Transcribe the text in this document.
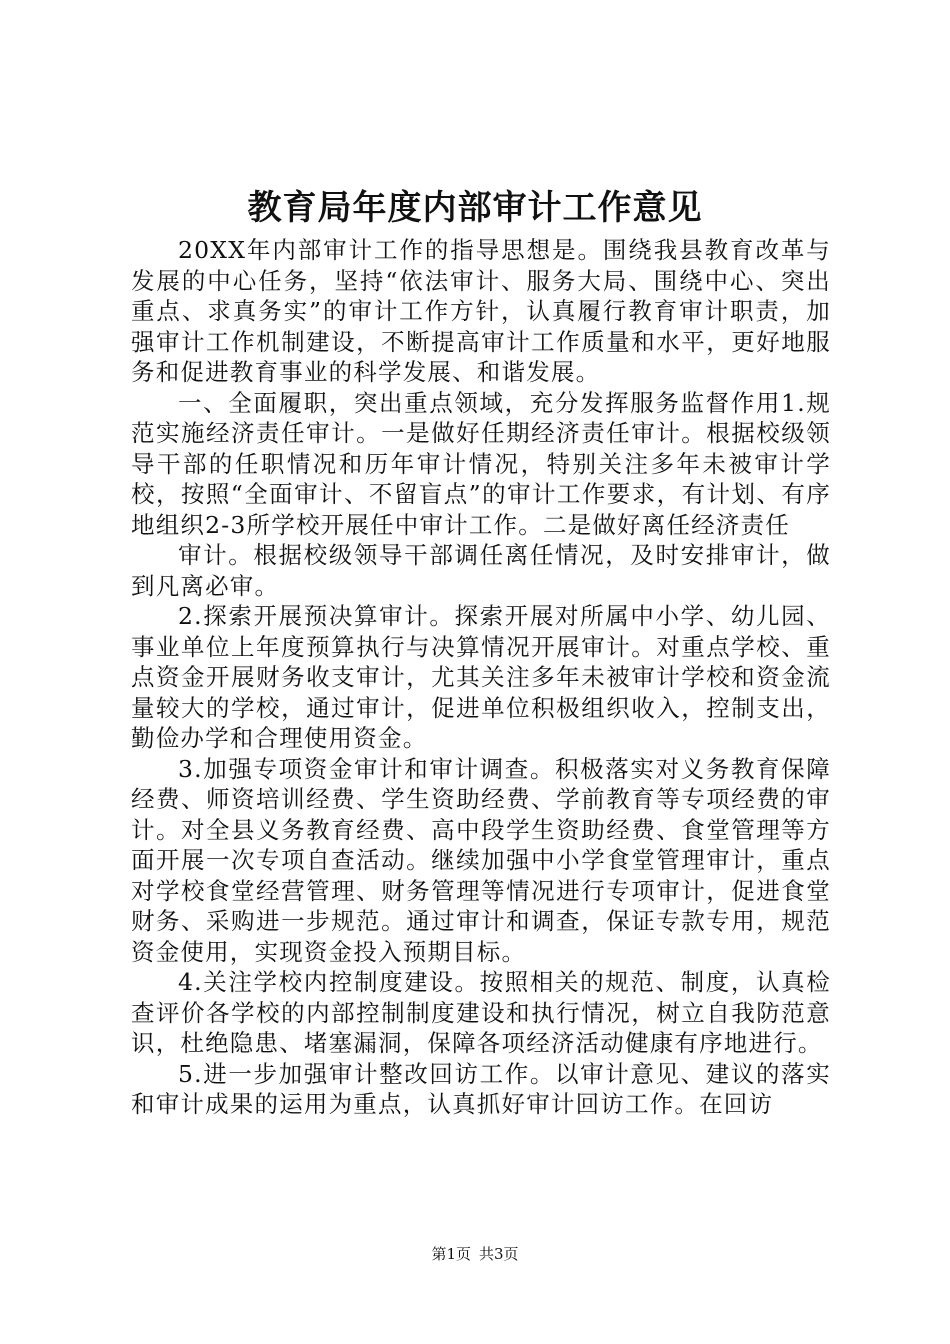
教育局年度内部审计工作意见

20XX年内部审计工作的指导思想是。围绕我县教育改革与发展的中心任务，坚持“依法审计、服务大局、围绕中心、突出重点、求真务实”的审计工作方针，认真履行教育审计职责，加强审计工作机制建设，不断提高审计工作质量和水平，更好地服务和促进教育事业的科学发展、和谐发展。

一、全面履职，突出重点领域，充分发挥服务监督作用1.规范实施经济责任审计。一是做好任期经济责任审计。根据校级领导干部的任职情况和历年审计情况，特别关注多年未被审计学校，按照“全面审计、不留盲点”的审计工作要求，有计划、有序地组织2-3所学校开展任中审计工作。二是做好离任经济责任

审计。根据校级领导干部调任离任情况，及时安排审计，做到凡离必审。

2.探索开展预决算审计。探索开展对所属中小学、幼儿园、事业单位上年度预算执行与决算情况开展审计。对重点学校、重点资金开展财务收支审计，尤其关注多年未被审计学校和资金流量较大的学校，通过审计，促进单位积极组织收入，控制支出，勤俭办学和合理使用资金。

3.加强专项资金审计和审计调查。积极落实对义务教育保障经费、师资培训经费、学生资助经费、学前教育等专项经费的审计。对全县义务教育经费、高中段学生资助经费、食堂管理等方面开展一次专项自查活动。继续加强中小学食堂管理审计，重点对学校食堂经营管理、财务管理等情况进行专项审计，促进食堂财务、采购进一步规范。通过审计和调查，保证专款专用，规范资金使用，实现资金投入预期目标。

4.关注学校内控制度建设。按照相关的规范、制度，认真检查评价各学校的内部控制制度建设和执行情况，树立自我防范意识，杜绝隐患、堵塞漏洞，保障各项经济活动健康有序地进行。

5.进一步加强审计整改回访工作。以审计意见、建议的落实和审计成果的运用为重点，认真抓好审计回访工作。在回访

第1页 共3页
